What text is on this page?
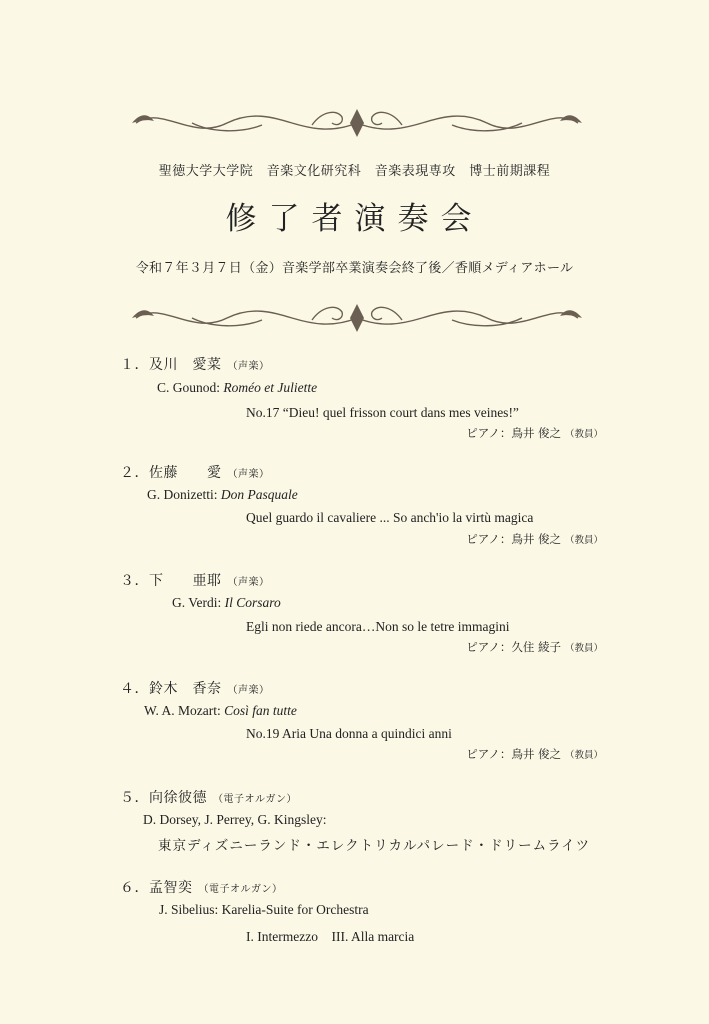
聖徳大学大学院　音楽文化研究科　音楽表現専攻　博士前期課程
修了者演奏会
令和７年３月７日（金）音楽学部卒業演奏会終了後／香順メディアホール
１．及川　愛菜 （声楽）
C. Gounod: Roméo et Juliette
No.17 “Dieu! quel frisson court dans mes veines!”
ピアノ：鳥井 俊之 （教員）
２．佐藤　　愛 （声楽）
G. Donizetti: Don Pasquale
Quel guardo il cavaliere ... So anch'io la virtù magica
ピアノ：鳥井 俊之 （教員）
３．下　　亜耶 （声楽）
G. Verdi: Il Corsaro
Egli non riede ancora…Non so le tetre immagini
ピアノ：久住 綾子 （教員）
４．鈴木　香奈 （声楽）
W. A. Mozart: Così fan tutte
No.19 Aria Una donna a quindici anni
ピアノ：鳥井 俊之 （教員）
５．向徐彼德 （電子オルガン）
D. Dorsey, J. Perrey, G. Kingsley:
東京ディズニーランド・エレクトリカルパレード・ドリームライツ
６．孟智奕 （電子オルガン）
J. Sibelius: Karelia-Suite for Orchestra
I. Intermezzo　III. Alla marcia
